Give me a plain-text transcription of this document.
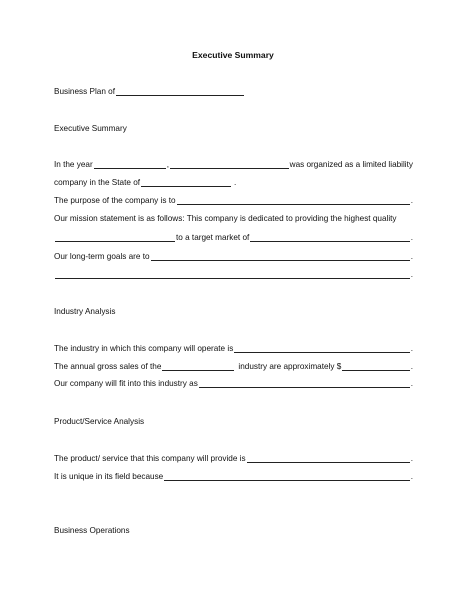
Executive Summary
Business Plan of
Executive Summary
In the year	,	was organized as a limited liability
company in the State of	.
The purpose of the company is to	.
Our mission statement is as follows: This company is dedicated to providing the highest quality
to a target market of	.
Our long-term goals are to	.
.
Industry Analysis
The industry in which this company will operate is	.
The annual gross sales of the	industry are approximately $	.
Our company will fit into this industry as	.
Product/Service Analysis
The product/ service that this company will provide is	.
It is unique in its field because	.
Business Operations
